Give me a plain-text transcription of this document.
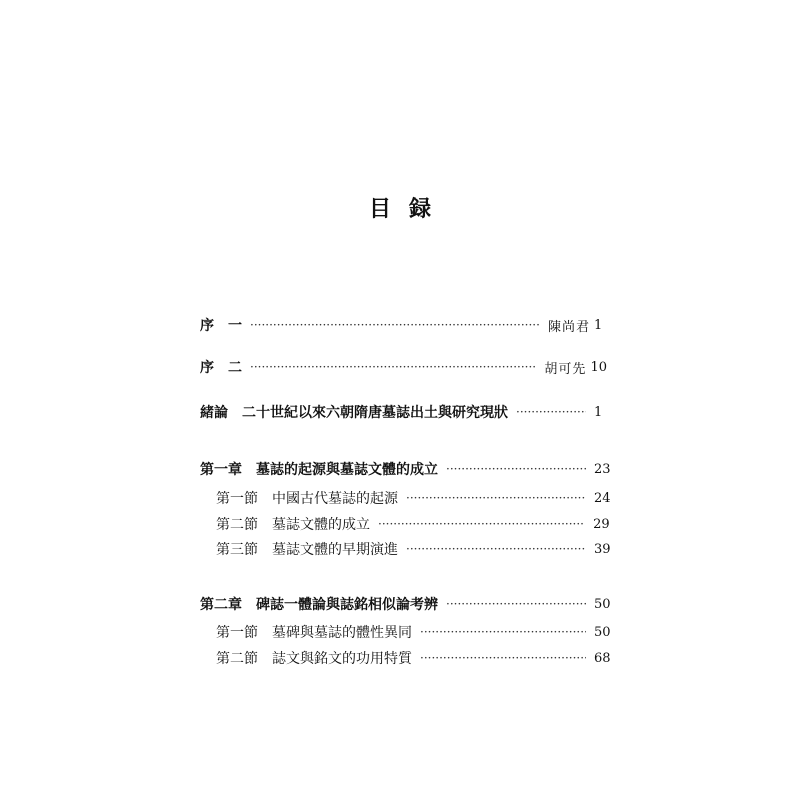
目 録
序 一 ·····	陳尚君 1
序 二 ·····	胡可先 10
緒論 二十世紀以來六朝隋唐墓誌出土與研究現狀 ·····	1
第一章 墓誌的起源與墓誌文體的成立 ·····	23
第一節 中國古代墓誌的起源 ·····	24
第二節 墓誌文體的成立 ·····	29
第三節 墓誌文體的早期演進 ·····	39
第二章 碑誌一體論與誌銘相似論考辨 ·····	50
第一節 墓碑與墓誌的體性異同 ·····	50
第二節 誌文與銘文的功用特質 ·····	68
